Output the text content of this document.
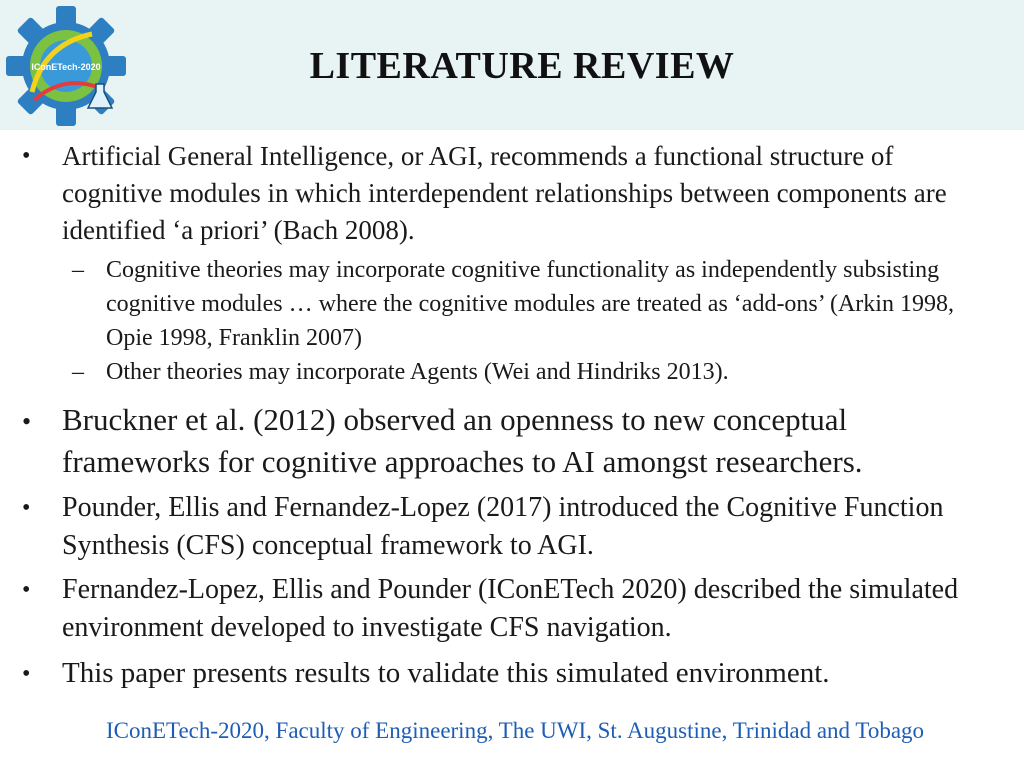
IConETech-2020	LITERATURE REVIEW
• Artificial General Intelligence, or AGI, recommends a functional structure of cognitive modules in which interdependent relationships between components are identified ‘a priori’ (Bach 2008).
– Cognitive theories may incorporate cognitive functionality as independently subsisting cognitive modules … where the cognitive modules are treated as ‘add-ons’ (Arkin 1998, Opie 1998, Franklin 2007)
– Other theories may incorporate Agents (Wei and Hindriks 2013).
• Bruckner et al. (2012) observed an openness to new conceptual frameworks for cognitive approaches to AI amongst researchers.
• Pounder, Ellis and Fernandez-Lopez (2017) introduced the Cognitive Function Synthesis (CFS) conceptual framework to AGI.
• Fernandez-Lopez, Ellis and Pounder (IConETech 2020) described the simulated environment developed to investigate CFS navigation.
• This paper presents results to validate this simulated environment.
IConETech-2020, Faculty of Engineering, The UWI, St. Augustine, Trinidad and Tobago
